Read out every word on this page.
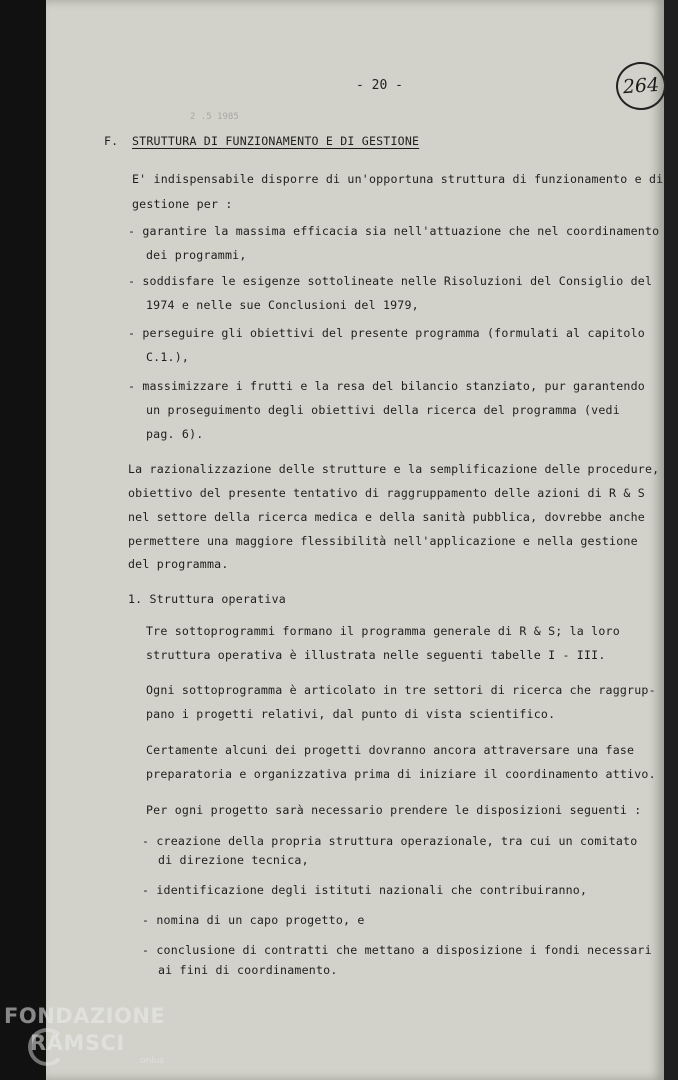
- 20 -	264
2 .5 1985
F. STRUTTURA DI FUNZIONAMENTO E DI GESTIONE
E' indispensabile disporre di un'opportuna struttura di funzionamento e di
gestione per :
- garantire la massima efficacia sia nell'attuazione che nel coordinamento
dei programmi,
- soddisfare le esigenze sottolineate nelle Risoluzioni del Consiglio del
1974 e nelle sue Conclusioni del 1979,
- perseguire gli obiettivi del presente programma (formulati al capitolo
C.1.),
- massimizzare i frutti e la resa del bilancio stanziato, pur garantendo
un proseguimento degli obiettivi della ricerca del programma (vedi
pag. 6).
La razionalizzazione delle strutture e la semplificazione delle procedure,
obiettivo del presente tentativo di raggruppamento delle azioni di R & S
nel settore della ricerca medica e della sanità pubblica, dovrebbe anche
permettere una maggiore flessibilità nell'applicazione e nella gestione
del programma.
1. Struttura operativa
Tre sottoprogrammi formano il programma generale di R & S; la loro
struttura operativa è illustrata nelle seguenti tabelle I - III.
Ogni sottoprogramma è articolato in tre settori di ricerca che raggrup-
pano i progetti relativi, dal punto di vista scientifico.
Certamente alcuni dei progetti dovranno ancora attraversare una fase
preparatoria e organizzativa prima di iniziare il coordinamento attivo.
Per ogni progetto sarà necessario prendere le disposizioni seguenti :
- creazione della propria struttura operazionale, tra cui un comitato
di direzione tecnica,
- identificazione degli istituti nazionali che contribuiranno,
- nomina di un capo progetto, e
- conclusione di contratti che mettano a disposizione i fondi necessari
ai fini di coordinamento.
FONDAZIONE
RAMSCI
onlus
